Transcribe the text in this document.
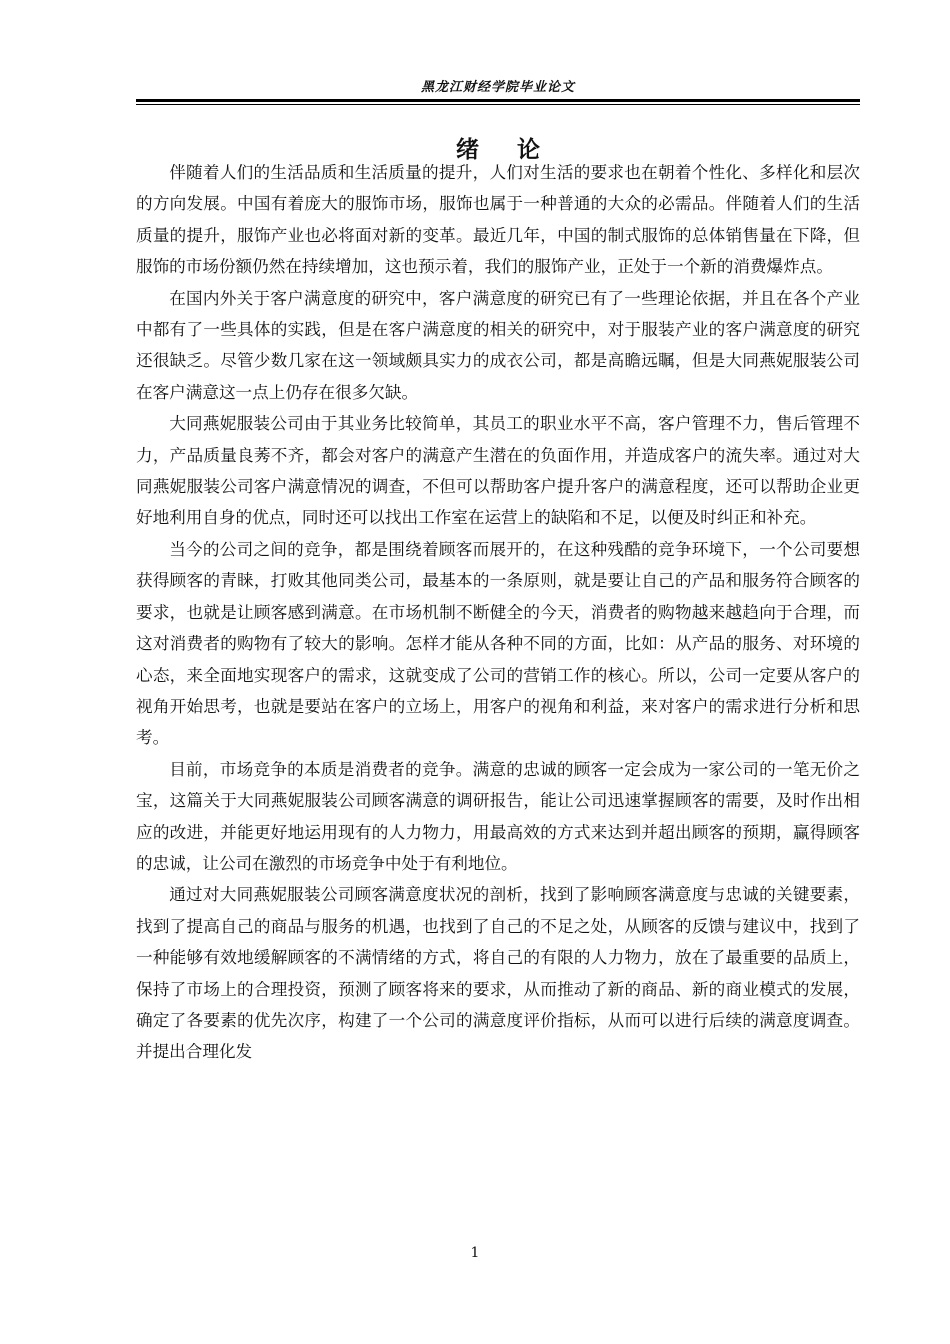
黑龙江财经学院毕业论文
绪论

伴随着人们的生活品质和生活质量的提升，人们对生活的要求也在朝着个性化、多样化和层次的方向发展。中国有着庞大的服饰市场，服饰也属于一种普通的大众的必需品。伴随着人们的生活质量的提升，服饰产业也必将面对新的变革。最近几年，中国的制式服饰的总体销售量在下降，但服饰的市场份额仍然在持续增加，这也预示着，我们的服饰产业，正处于一个新的消费爆炸点。

在国内外关于客户满意度的研究中，客户满意度的研究已有了一些理论依据，并且在各个产业中都有了一些具体的实践，但是在客户满意度的相关的研究中，对于服装产业的客户满意度的研究还很缺乏。尽管少数几家在这一领域颇具实力的成衣公司，都是高瞻远瞩，但是大同燕妮服装公司在客户满意这一点上仍存在很多欠缺。

大同燕妮服装公司由于其业务比较简单，其员工的职业水平不高，客户管理不力，售后管理不力，产品质量良莠不齐，都会对客户的满意产生潜在的负面作用，并造成客户的流失率。通过对大同燕妮服装公司客户满意情况的调查，不但可以帮助客户提升客户的满意程度，还可以帮助企业更好地利用自身的优点，同时还可以找出工作室在运营上的缺陷和不足，以便及时纠正和补充。

当今的公司之间的竞争，都是围绕着顾客而展开的，在这种残酷的竞争环境下，一个公司要想获得顾客的青睐，打败其他同类公司，最基本的一条原则，就是要让自己的产品和服务符合顾客的要求，也就是让顾客感到满意。在市场机制不断健全的今天，消费者的购物越来越趋向于合理，而这对消费者的购物有了较大的影响。怎样才能从各种不同的方面，比如：从产品的服务、对环境的心态，来全面地实现客户的需求，这就变成了公司的营销工作的核心。所以，公司一定要从客户的视角开始思考，也就是要站在客户的立场上，用客户的视角和利益，来对客户的需求进行分析和思考。

目前，市场竞争的本质是消费者的竞争。满意的忠诚的顾客一定会成为一家公司的一笔无价之宝，这篇关于大同燕妮服装公司顾客满意的调研报告，能让公司迅速掌握顾客的需要，及时作出相应的改进，并能更好地运用现有的人力物力，用最高效的方式来达到并超出顾客的预期，赢得顾客的忠诚，让公司在激烈的市场竞争中处于有利地位。

通过对大同燕妮服装公司顾客满意度状况的剖析，找到了影响顾客满意度与忠诚的关键要素，找到了提高自己的商品与服务的机遇，也找到了自己的不足之处，从顾客的反馈与建议中，找到了一种能够有效地缓解顾客的不满情绪的方式，将自己的有限的人力物力，放在了最重要的品质上，保持了市场上的合理投资，预测了顾客将来的要求，从而推动了新的商品、新的商业模式的发展，确定了各要素的优先次序，构建了一个公司的满意度评价指标，从而可以进行后续的满意度调查。并提出合理化发

1
